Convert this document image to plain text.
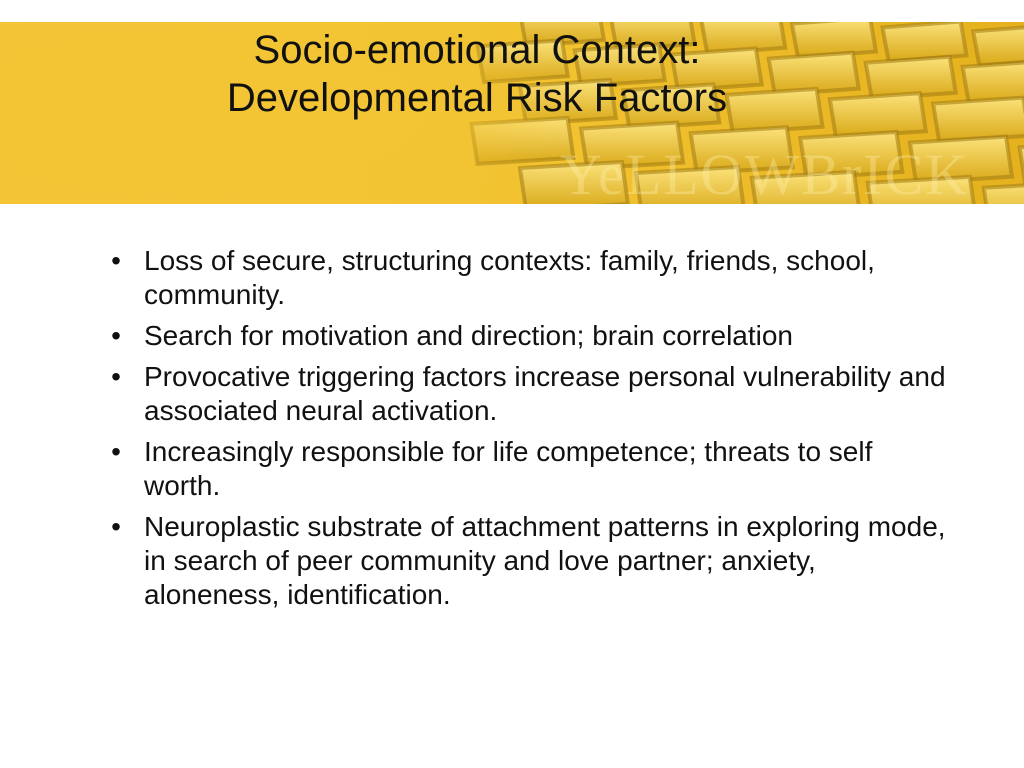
YeLLOWBrICK
Socio-emotional Context:
Developmental Risk Factors
• Loss of secure, structuring contexts: family, friends, school, community.
• Search for motivation and direction; brain correlation
• Provocative triggering factors increase personal vulnerability and associated neural activation.
• Increasingly responsible for life competence; threats to self worth.
• Neuroplastic substrate of attachment patterns in exploring mode, in search of peer community and love partner; anxiety, aloneness, identification.
